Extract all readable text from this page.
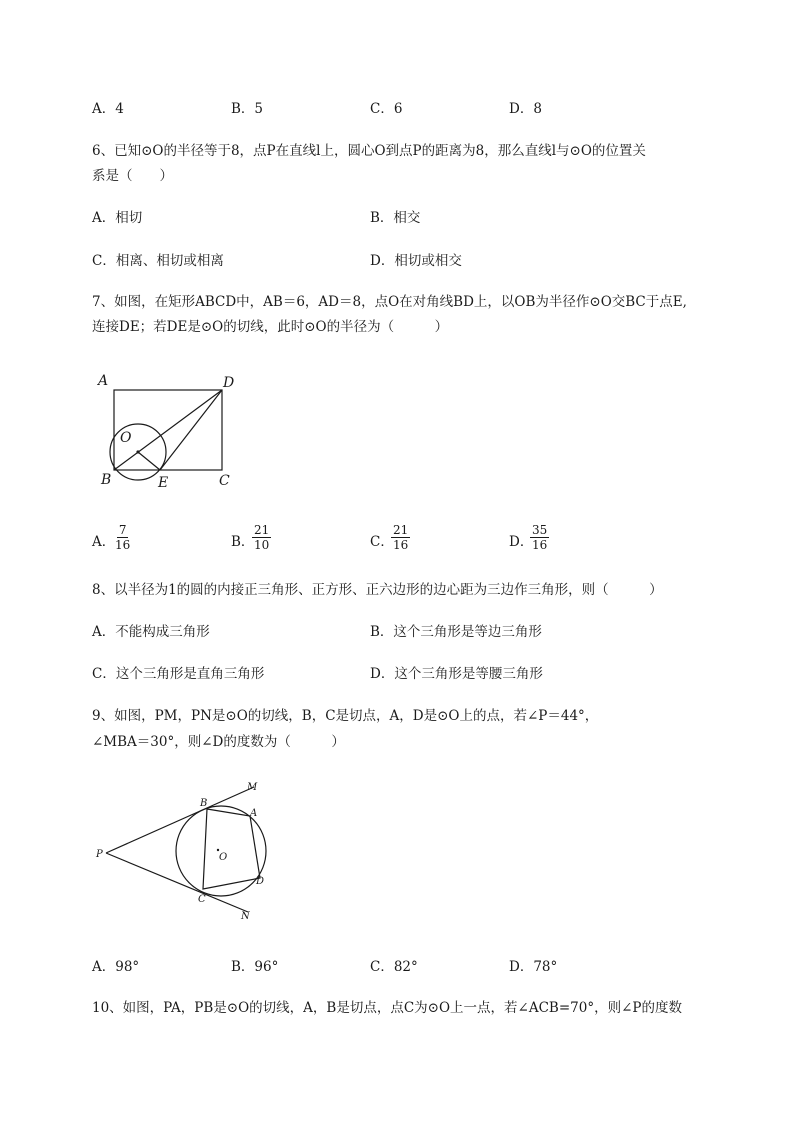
A．4	B．5	C．6	D．8
6、已知⊙O的半径等于8，点P在直线l上，圆心O到点P的距离为8，那么直线l与⊙O的位置关
系是（　　）
A．相切	B．相交
C．相离、相切或相离	D．相切或相交
7、如图，在矩形ABCD中，AB＝6，AD＝8，点O在对角线BD上，以OB为半径作⊙O交BC于点E,
连接DE；若DE是⊙O的切线，此时⊙O的半径为（　　　）
A	D
O
B	E	C
A．
$\frac{7}{16}$	B．
$\frac{21}{10}$	C．
$\frac{21}{16}$	D．
$\frac{35}{16}$
8、以半径为1的圆的内接正三角形、正方形、正六边形的边心距为三边作三角形，则（　　　）
A．不能构成三角形	B．这个三角形是等边三角形
C．这个三角形是直角三角形	D．这个三角形是等腰三角形
9、如图，PM，PN是⊙O的切线，B，C是切点，A，D是⊙O上的点，若∠P＝44°，
∠MBA＝30°，则∠D的度数为（　　　）
M
B
A
P	O
D
C
N
A．98°	B．96°	C．82°	D．78°
10、如图，PA，PB是⊙O的切线，A，B是切点，点C为⊙O上一点，若∠ACB=70°，则∠P的度数
